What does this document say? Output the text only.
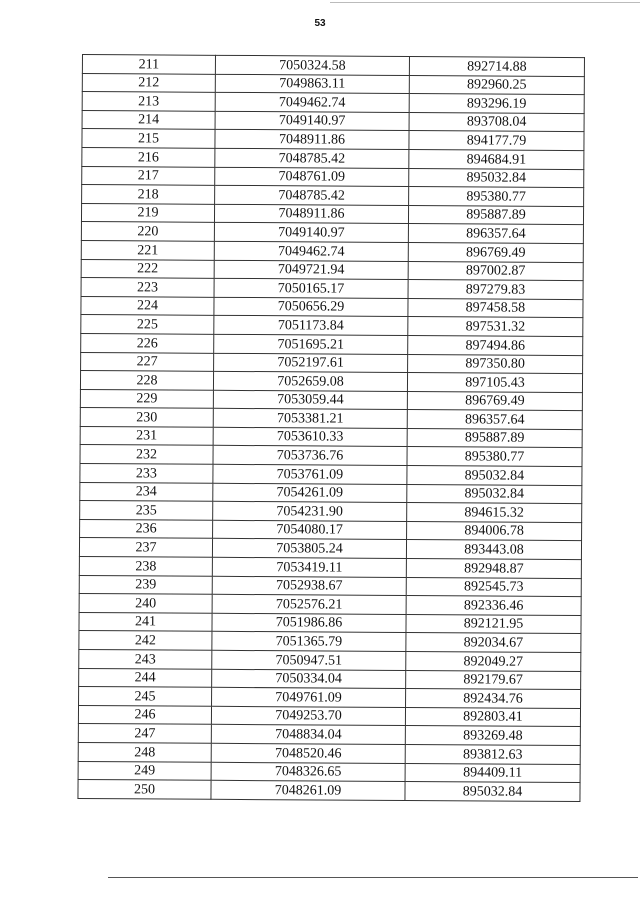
53
211	7050324.58	892714.88
212	7049863.11	892960.25
213	7049462.74	893296.19
214	7049140.97	893708.04
215	7048911.86	894177.79
216	7048785.42	894684.91
217	7048761.09	895032.84
218	7048785.42	895380.77
219	7048911.86	895887.89
220	7049140.97	896357.64
221	7049462.74	896769.49
222	7049721.94	897002.87
223	7050165.17	897279.83
224	7050656.29	897458.58
225	7051173.84	897531.32
226	7051695.21	897494.86
227	7052197.61	897350.80
228	7052659.08	897105.43
229	7053059.44	896769.49
230	7053381.21	896357.64
231	7053610.33	895887.89
232	7053736.76	895380.77
233	7053761.09	895032.84
234	7054261.09	895032.84
235	7054231.90	894615.32
236	7054080.17	894006.78
237	7053805.24	893443.08
238	7053419.11	892948.87
239	7052938.67	892545.73
240	7052576.21	892336.46
241	7051986.86	892121.95
242	7051365.79	892034.67
243	7050947.51	892049.27
244	7050334.04	892179.67
245	7049761.09	892434.76
246	7049253.70	892803.41
247	7048834.04	893269.48
248	7048520.46	893812.63
249	7048326.65	894409.11
250	7048261.09	895032.84
